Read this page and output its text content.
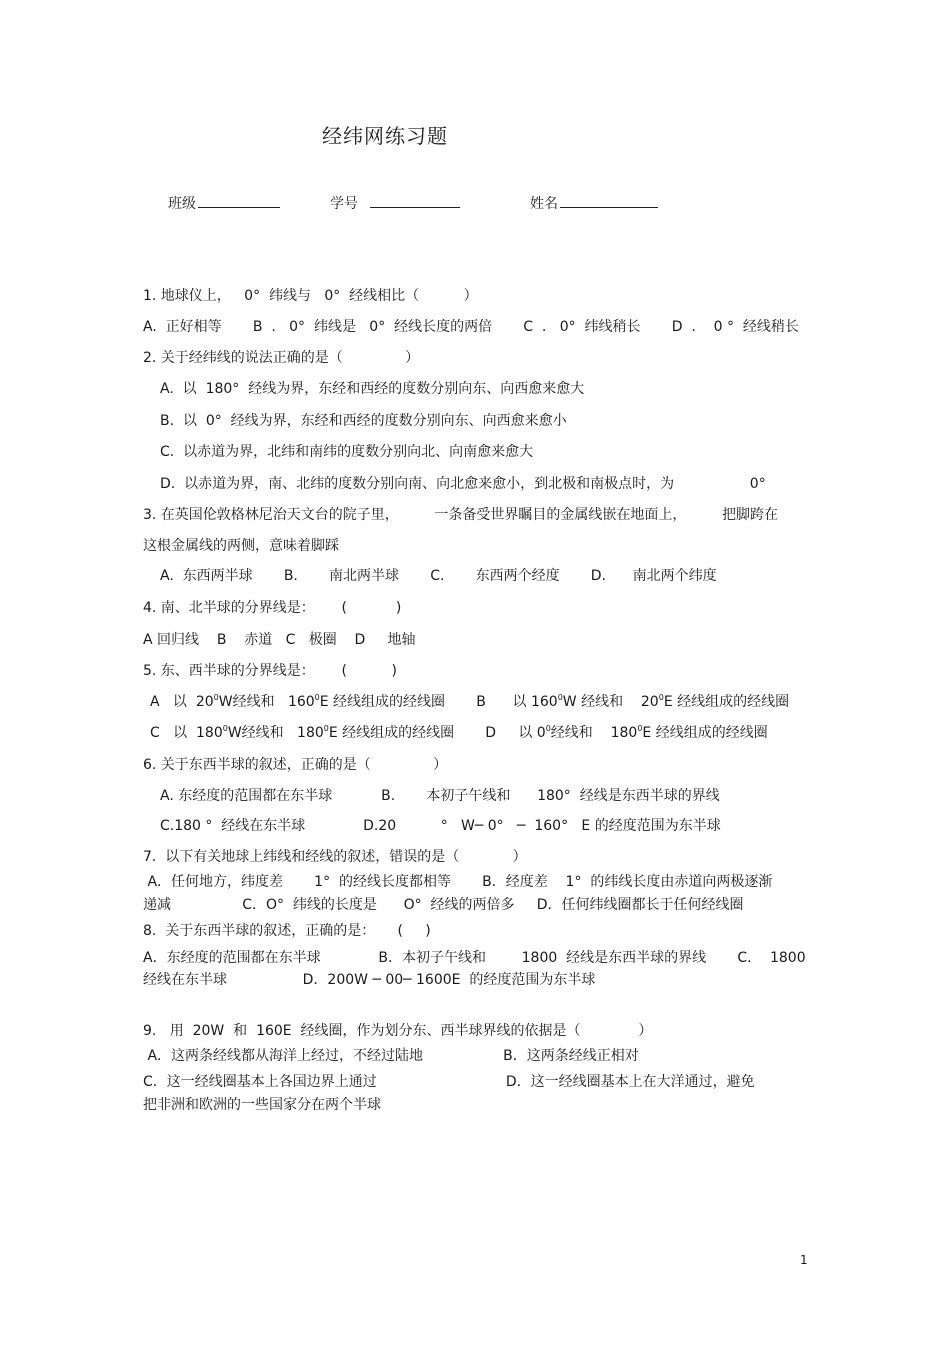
经纬网练习题
班级	学号	姓名
1. 地球仪上，   0°  纬线与   0°  经线相比（          ）
A.  正好相等       B  .   0°  纬线是   0°  经线长度的两倍       C  .   0°  纬线稍长       D  .    0 °  经线稍长
2. 关于经纬线的说法正确的是（              ）
A.  以  180°  经线为界，东经和西经的度数分别向东、向西愈来愈大
B.  以  0°  经线为界，东经和西经的度数分别向东、向西愈来愈小
C.  以赤道为界，北纬和南纬的度数分别向北、向南愈来愈大
D.  以赤道为界，南、北纬的度数分别向南、向北愈来愈小，到北极和南极点时，为                 0°
3. 在英国伦敦格林尼治天文台的院子里，        一条备受世界瞩目的金属线嵌在地面上，        把脚跨在
这根金属线的两侧，意味着脚踩
A.  东西两半球       B.       南北两半球       C.       东西两个经度       D.      南北两个纬度
4. 南、北半球的分界线是：      (           )
A 回归线    B    赤道   C   极圈    D     地轴
5. 东、西半球的分界线是：      (          )
A   以  $20^0W$经线和   $160^0E$ 经线组成的经线圈       B      以 $160^0W$ 经线和    $20^0E$ 经线组成的经线圈
C   以  $180^0W$经线和   $180^0E$ 经线组成的经线圈       D     以 $0^0$经线和    $180^0E$ 经线组成的经线圈
6. 关于东西半球的叙述，正确的是（              ）
A. 东经度的范围都在东半球           B.       本初子午线和      180°  经线是东西半球的界线
C.180 °  经线在东半球             D.20          °   W─ 0°   ─  160°   E 的经度范围为东半球
7.  以下有关地球上纬线和经线的叙述，错误的是（            ）
A．任何地方，纬度差       1°  的经线长度都相等       B．经度差    1°  的纬线长度由赤道向两极逐渐
递减                C．O°  纬线的长度是      O°  经线的两倍多     D．任何纬线圈都长于任何经线圈
8.  关于东西半球的叙述，正确的是：     (     )
A．东经度的范围都在东半球             B．本初子午线和        1800  经线是东西半球的界线       C．  1800
经线在东半球                 D．200W ─ 00─ 1600E  的经度范围为东半球
9.   用  20W  和  160E  经线圈，作为划分东、西半球界线的依据是（             ）
A．这两条经线都从海洋上经过，不经过陆地                  B．这两条经线正相对
C．这一经线圈基本上各国边界上通过                             D．这一经线圈基本上在大洋通过，避免
把非洲和欧洲的一些国家分在两个半球
1
